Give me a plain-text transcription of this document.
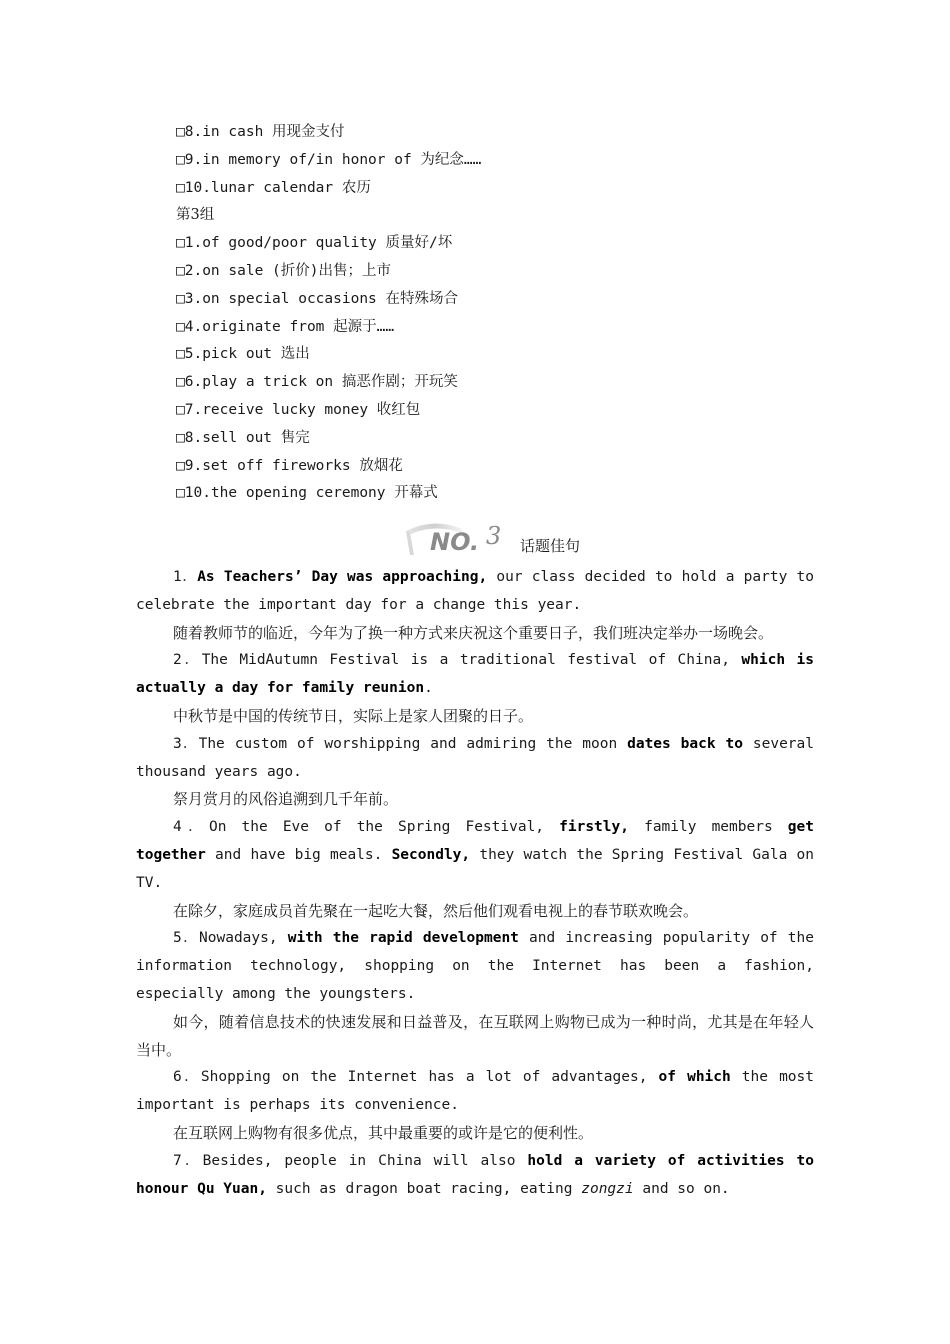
□8.in cash 用现金支付
□9.in memory of/in honor of 为纪念……
□10.lunar calendar 农历
第3组
□1.of good/poor quality 质量好/坏
□2.on sale (折价)出售；上市
□3.on special occasions 在特殊场合
□4.originate from 起源于……
□5.pick out 选出
□6.play a trick on 搞恶作剧；开玩笑
□7.receive lucky money 收红包
□8.sell out 售完
□9.set off fireworks 放烟花
□10.the opening ceremony 开幕式
NO. 3 话题佳句

1．As Teachers’ Day was approaching, our class decided to hold a party to celebrate the important day for a change this year.

随着教师节的临近，今年为了换一种方式来庆祝这个重要日子，我们班决定举办一场晚会。

2．The MidAutumn Festival is a traditional festival of China, which is actually a day for family reunion.

中秋节是中国的传统节日，实际上是家人团聚的日子。

3．The custom of worshipping and admiring the moon dates back to several thousand years ago.

祭月赏月的风俗追溯到几千年前。

4．On the Eve of the Spring Festival, firstly, family members get together and have big meals. Secondly, they watch the Spring Festival Gala on TV.

在除夕，家庭成员首先聚在一起吃大餐，然后他们观看电视上的春节联欢晚会。

5．Nowadays, with the rapid development and increasing popularity of the information technology, shopping on the Internet has been a fashion, especially among the youngsters.

如今，随着信息技术的快速发展和日益普及，在互联网上购物已成为一种时尚，尤其是在年轻人当中。

6．Shopping on the Internet has a lot of advantages, of which the most important is perhaps its convenience.

在互联网上购物有很多优点，其中最重要的或许是它的便利性。

7．Besides, people in China will also hold a variety of activities to honour Qu Yuan, such as dragon boat racing, eating zongzi and so on.
